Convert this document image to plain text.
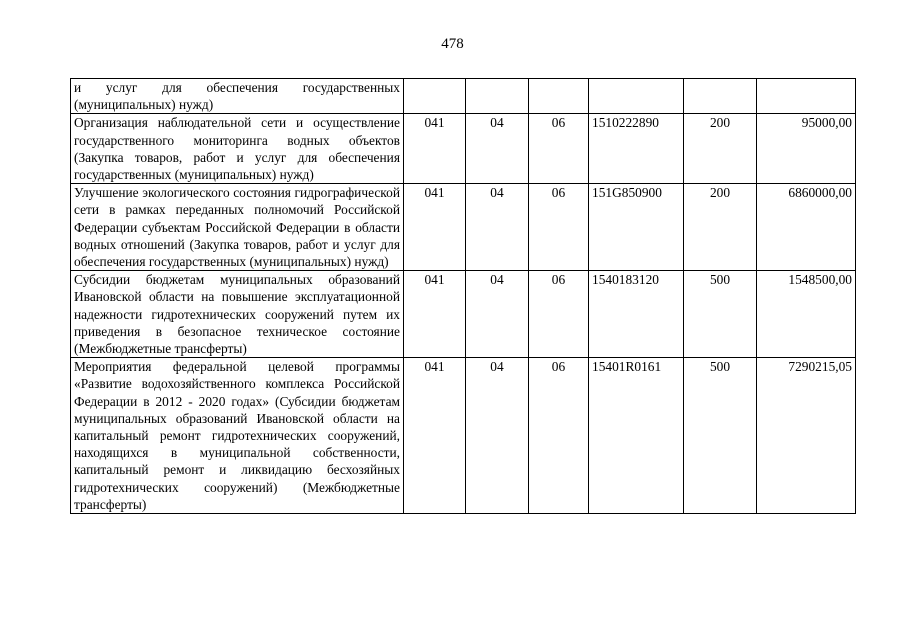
478
и услуг для обеспечения государственных (муниципальных) нужд)						
Организация наблюдательной сети и осуществление государственного мониторинга водных объектов (Закупка товаров, работ и услуг для обеспечения государственных (муниципальных) нужд)	041	04	06	1510222890	200	95000,00
Улучшение экологического состояния гидрографической сети в рамках переданных полномочий Российской Федерации субъектам Российской Федерации в области водных отношений (Закупка товаров, работ и услуг для обеспечения государственных (муниципальных) нужд)	041	04	06	151G850900	200	6860000,00
Субсидии бюджетам муниципальных образований Ивановской области на повышение эксплуатационной надежности гидротехнических сооружений путем их приведения в безопасное техническое состояние (Межбюджетные трансферты)	041	04	06	1540183120	500	1548500,00
Мероприятия федеральной целевой программы «Развитие водохозяйственного комплекса Российской Федерации в 2012 - 2020 годах» (Субсидии бюджетам муниципальных образований Ивановской области на капитальный ремонт гидротехнических сооружений, находящихся в муниципальной собственности, капитальный ремонт и ликвидацию бесхозяйных гидротехнических сооружений) (Межбюджетные трансферты)	041	04	06	15401R0161	500	7290215,05
